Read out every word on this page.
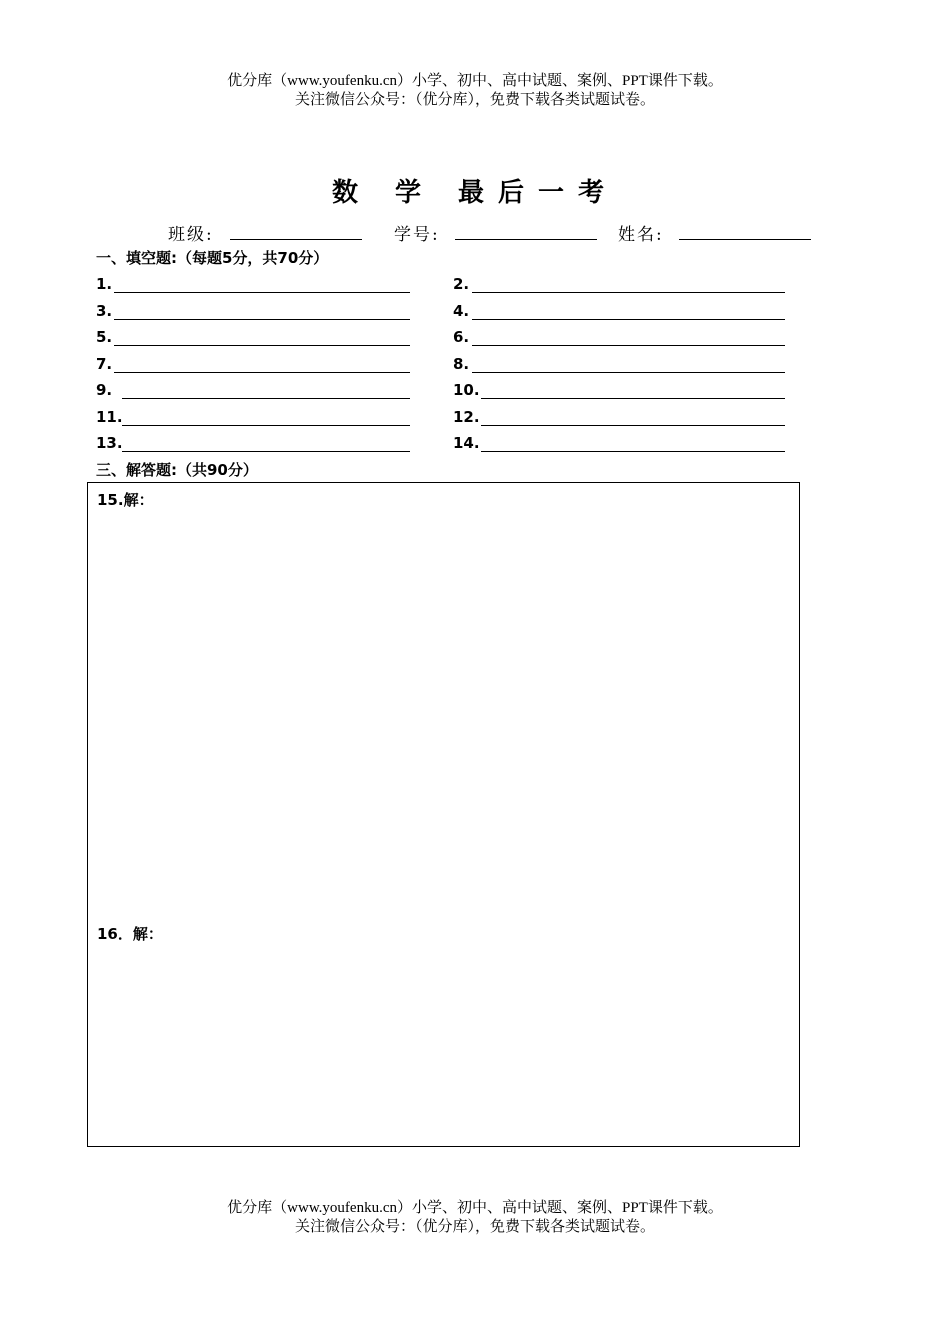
优分库（www.youfenku.cn）小学、初中、高中试题、案例、PPT课件下载。
关注微信公众号：（优分库），免费下载各类试题试卷。
数 学 最后一考
班级:	学号:	姓名:
一、填空题:（每题5分，共70分）
1.
3.
5.
7.
9.
11.
13.
2.
4.
6.
8.
10.
12.
14.
三、解答题:（共90分）
15.解：
16．解：
优分库（www.youfenku.cn）小学、初中、高中试题、案例、PPT课件下载。
关注微信公众号：（优分库），免费下载各类试题试卷。
